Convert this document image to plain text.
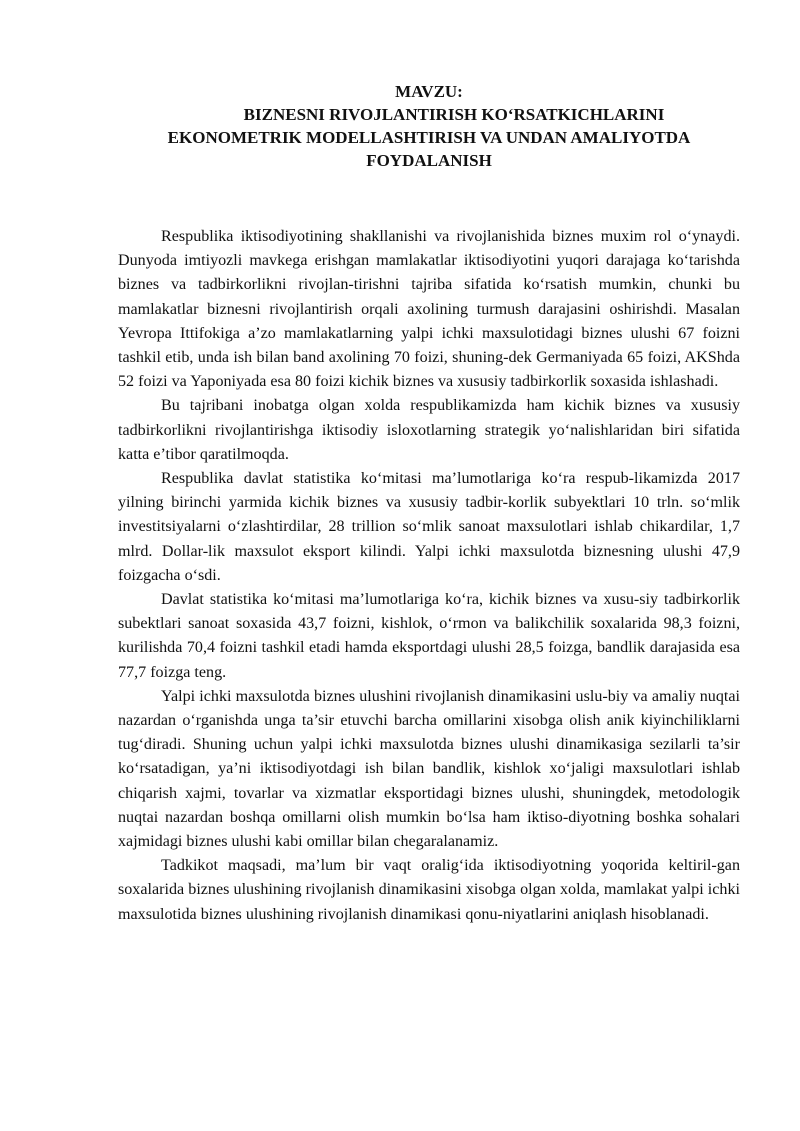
MAVZU:
BIZNESNI RIVOJLANTIRISH KOʻRSATKICHLARINI
EKONOMETRIK MODELLASHTIRISH VA UNDAN AMALIYOTDA
FOYDALANISH

Respublika iktisodiyotining shakllanishi va rivojlanishida biznes muxim rol oʻynaydi. Dunyoda imtiyozli mavkega erishgan mamlakatlar iktisodiyotini yuqori darajaga koʻtarishda biznes va tadbirkorlikni rivojlan-tirishni tajriba sifatida koʻrsatish mumkin, chunki bu mamlakatlar biznesni rivojlantirish orqali axolining turmush darajasini oshirishdi. Masalan Yevropa Ittifokiga a’zo mamlakatlarning yalpi ichki maxsulotidagi biznes ulushi 67 foizni tashkil etib, unda ish bilan band axolining 70 foizi, shuning-dek Germaniyada 65 foizi, AKShda 52 foizi va Yaponiyada esa 80 foizi kichik biznes va xususiy tadbirkorlik soxasida ishlashadi.

Bu tajribani inobatga olgan xolda respublikamizda ham kichik biznes va xususiy tadbirkorlikni rivojlantirishga iktisodiy isloxotlarning strategik yoʻnalishlaridan biri sifatida katta e’tibor qaratilmoqda.

Respublika davlat statistika koʻmitasi ma’lumotlariga koʻra respub-likamizda 2017 yilning birinchi yarmida kichik biznes va xususiy tadbir-korlik subyektlari 10 trln. soʻmlik investitsiyalarni oʻzlashtirdilar, 28 trillion soʻmlik sanoat maxsulotlari ishlab chikardilar, 1,7 mlrd. Dollar-lik maxsulot eksport kilindi. Yalpi ichki maxsulotda biznesning ulushi 47,9 foizgacha oʻsdi.

Davlat statistika koʻmitasi ma’lumotlariga koʻra, kichik biznes va xusu-siy tadbirkorlik subektlari sanoat soxasida 43,7 foizni, kishlok, oʻrmon va balikchilik soxalarida 98,3 foizni, kurilishda 70,4 foizni tashkil etadi hamda eksportdagi ulushi 28,5 foizga, bandlik darajasida esa 77,7 foizga teng.

Yalpi ichki maxsulotda biznes ulushini rivojlanish dinamikasini uslu-biy va amaliy nuqtai nazardan oʻrganishda unga ta’sir etuvchi barcha omillarini xisobga olish anik kiyinchiliklarni tugʻdiradi. Shuning uchun yalpi ichki maxsulotda biznes ulushi dinamikasiga sezilarli ta’sir koʻrsatadigan, ya’ni iktisodiyotdagi ish bilan bandlik, kishlok xoʻjaligi maxsulotlari ishlab chiqarish xajmi, tovarlar va xizmatlar eksportidagi biznes ulushi, shuningdek, metodologik nuqtai nazardan boshqa omillarni olish mumkin boʻlsa ham iktiso-diyotning boshka sohalari xajmidagi biznes ulushi kabi omillar bilan chegaralanamiz.

Tadkikot maqsadi, ma’lum bir vaqt oraligʻida iktisodiyotning yoqorida keltiril-gan soxalarida biznes ulushining rivojlanish dinamikasini xisobga olgan xolda, mamlakat yalpi ichki maxsulotida biznes ulushining rivojlanish dinamikasi qonu-niyatlarini aniqlash hisoblanadi.
